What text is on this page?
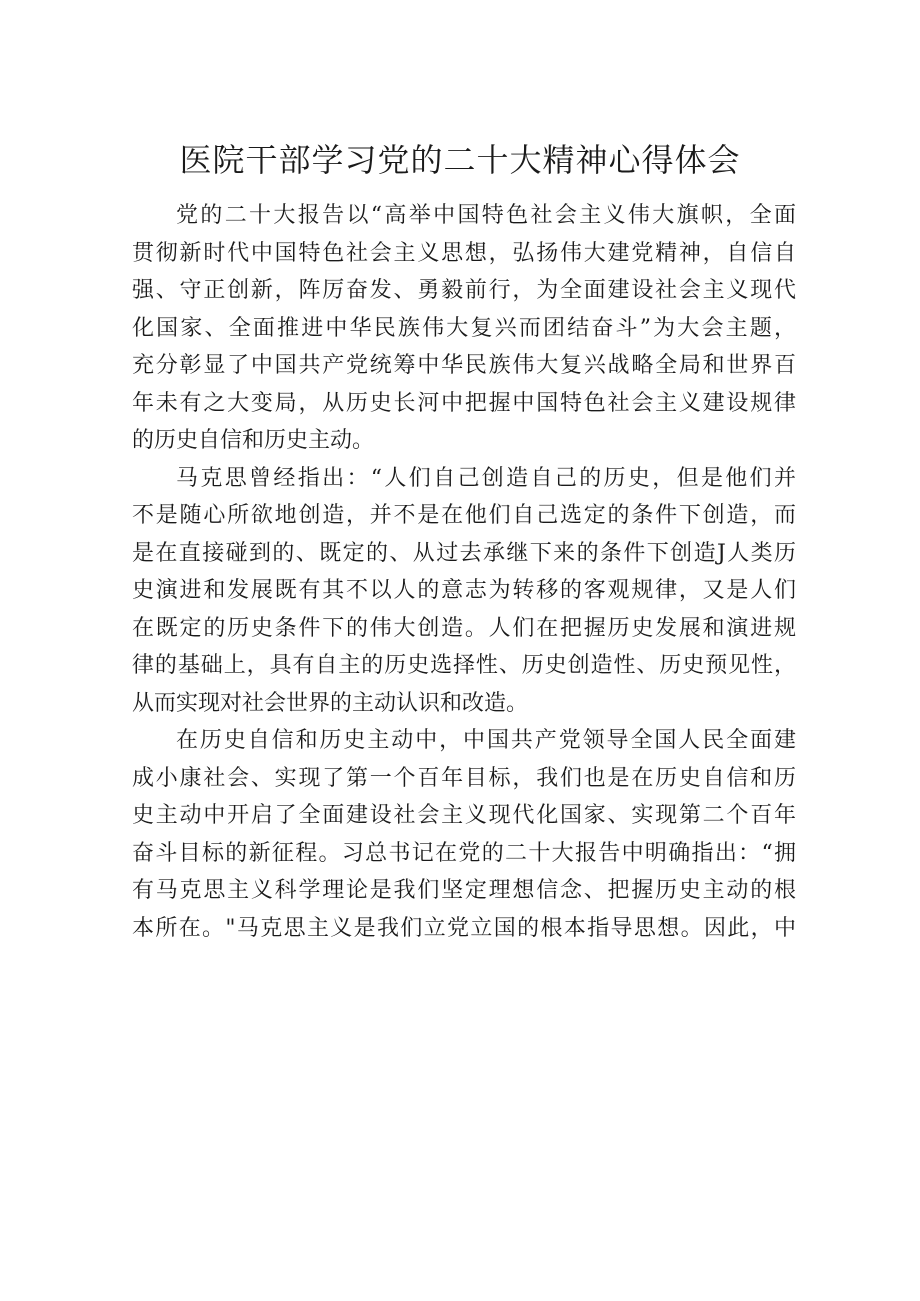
医院干部学习党的二十大精神心得体会
党的二十大报告以“高举中国特色社会主义伟大旗帜，全面
贯彻新时代中国特色社会主义思想，弘扬伟大建党精神，自信自
强、守正创新，阵厉奋发、勇毅前行，为全面建设社会主义现代
化国家、全面推进中华民族伟大复兴而团结奋斗”为大会主题，
充分彰显了中国共产党统筹中华民族伟大复兴战略全局和世界百
年未有之大变局，从历史长河中把握中国特色社会主义建设规律
的历史自信和历史主动。
马克思曾经指出：“人们自己创造自己的历史，但是他们并
不是随心所欲地创造，并不是在他们自己选定的条件下创造，而
是在直接碰到的、既定的、从过去承继下来的条件下创造J人类历
史演进和发展既有其不以人的意志为转移的客观规律，又是人们
在既定的历史条件下的伟大创造。人们在把握历史发展和演进规
律的基础上，具有自主的历史选择性、历史创造性、历史预见性，
从而实现对社会世界的主动认识和改造。
在历史自信和历史主动中，中国共产党领导全国人民全面建
成小康社会、实现了第一个百年目标，我们也是在历史自信和历
史主动中开启了全面建设社会主义现代化国家、实现第二个百年
奋斗目标的新征程。习总书记在党的二十大报告中明确指出：“拥
有马克思主义科学理论是我们坚定理想信念、把握历史主动的根
本所在。"马克思主义是我们立党立国的根本指导思想。因此，中
